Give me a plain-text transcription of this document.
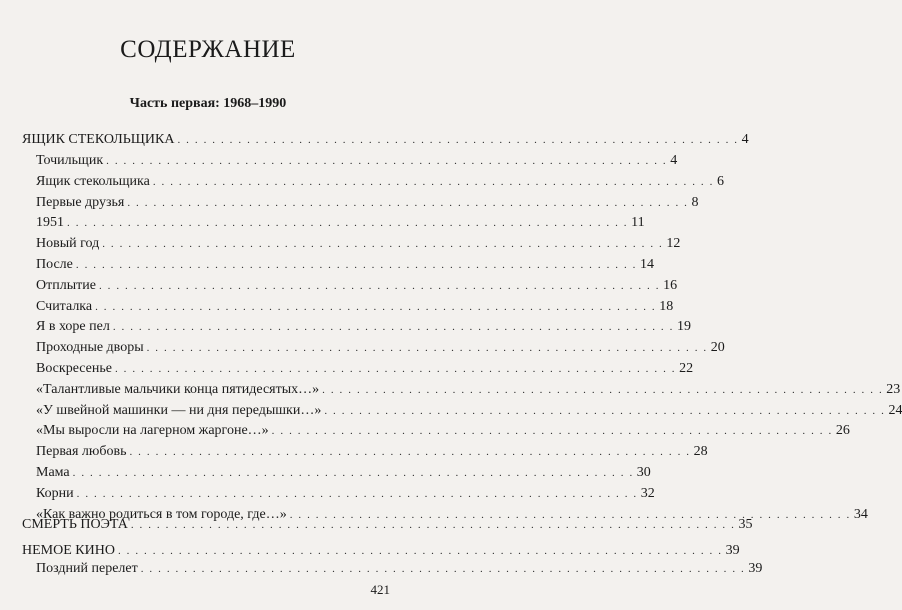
СОДЕРЖАНИЕ
Часть первая: 1968–1990
ЯЩИК СТЕКОЛЬЩИКА . . . . . . . . . . . . . . . . . . . . . . . . . . . . . . . . . . . . . . . . . . . . . . . . . . . . . . . . . . . . . . . . . 4
Точильщик . . . . . . . . . . . . . . . . . . . . . . . . . . . . . . . . . . . . . . . . . . . . . . . . . . . . . . . . . . . . . . . . . 4
Ящик стекольщика . . . . . . . . . . . . . . . . . . . . . . . . . . . . . . . . . . . . . . . . . . . . . . . . . . . . . . . . . . . . . . . . . 6
Первые друзья . . . . . . . . . . . . . . . . . . . . . . . . . . . . . . . . . . . . . . . . . . . . . . . . . . . . . . . . . . . . . . . . . 8
1951 . . . . . . . . . . . . . . . . . . . . . . . . . . . . . . . . . . . . . . . . . . . . . . . . . . . . . . . . . . . . . . . . . 11
Новый год . . . . . . . . . . . . . . . . . . . . . . . . . . . . . . . . . . . . . . . . . . . . . . . . . . . . . . . . . . . . . . . . . 12
После . . . . . . . . . . . . . . . . . . . . . . . . . . . . . . . . . . . . . . . . . . . . . . . . . . . . . . . . . . . . . . . . . 14
Отплытие . . . . . . . . . . . . . . . . . . . . . . . . . . . . . . . . . . . . . . . . . . . . . . . . . . . . . . . . . . . . . . . . . 16
Считалка . . . . . . . . . . . . . . . . . . . . . . . . . . . . . . . . . . . . . . . . . . . . . . . . . . . . . . . . . . . . . . . . . 18
Я в хоре пел . . . . . . . . . . . . . . . . . . . . . . . . . . . . . . . . . . . . . . . . . . . . . . . . . . . . . . . . . . . . . . . . . 19
Проходные дворы . . . . . . . . . . . . . . . . . . . . . . . . . . . . . . . . . . . . . . . . . . . . . . . . . . . . . . . . . . . . . . . . . 20
Воскресенье . . . . . . . . . . . . . . . . . . . . . . . . . . . . . . . . . . . . . . . . . . . . . . . . . . . . . . . . . . . . . . . . . 22
«Талантливые мальчики конца пятидесятых…» . . . . . . . . . . . . . . . . . . . . . . . . . . . . . . . . . . . . . . . . . . . . . . . . . . . . . . . . . . . . . . . . . 23
«У швейной машинки — ни дня передышки…» . . . . . . . . . . . . . . . . . . . . . . . . . . . . . . . . . . . . . . . . . . . . . . . . . . . . . . . . . . . . . . . . . 24
«Мы выросли на лагерном жаргоне…» . . . . . . . . . . . . . . . . . . . . . . . . . . . . . . . . . . . . . . . . . . . . . . . . . . . . . . . . . . . . . . . . . 26
Первая любовь . . . . . . . . . . . . . . . . . . . . . . . . . . . . . . . . . . . . . . . . . . . . . . . . . . . . . . . . . . . . . . . . . 28
Мама . . . . . . . . . . . . . . . . . . . . . . . . . . . . . . . . . . . . . . . . . . . . . . . . . . . . . . . . . . . . . . . . . 30
Корни . . . . . . . . . . . . . . . . . . . . . . . . . . . . . . . . . . . . . . . . . . . . . . . . . . . . . . . . . . . . . . . . . 32
«Как важно родиться в том городе, где…» . . . . . . . . . . . . . . . . . . . . . . . . . . . . . . . . . . . . . . . . . . . . . . . . . . . . . . . . . . . . . . . . . 34
СМЕРТЬ ПОЭТА . . . . . . . . . . . . . . . . . . . . . . . . . . . . . . . . . . . . . . . . . . . . . . . . . . . . . . . . . . . . . . . . . . . . . . 35
НЕМОЕ КИНО . . . . . . . . . . . . . . . . . . . . . . . . . . . . . . . . . . . . . . . . . . . . . . . . . . . . . . . . . . . . . . . . . . . . . . 39
Поздний перелет . . . . . . . . . . . . . . . . . . . . . . . . . . . . . . . . . . . . . . . . . . . . . . . . . . . . . . . . . . . . . . . . . . . . . . 39
421
